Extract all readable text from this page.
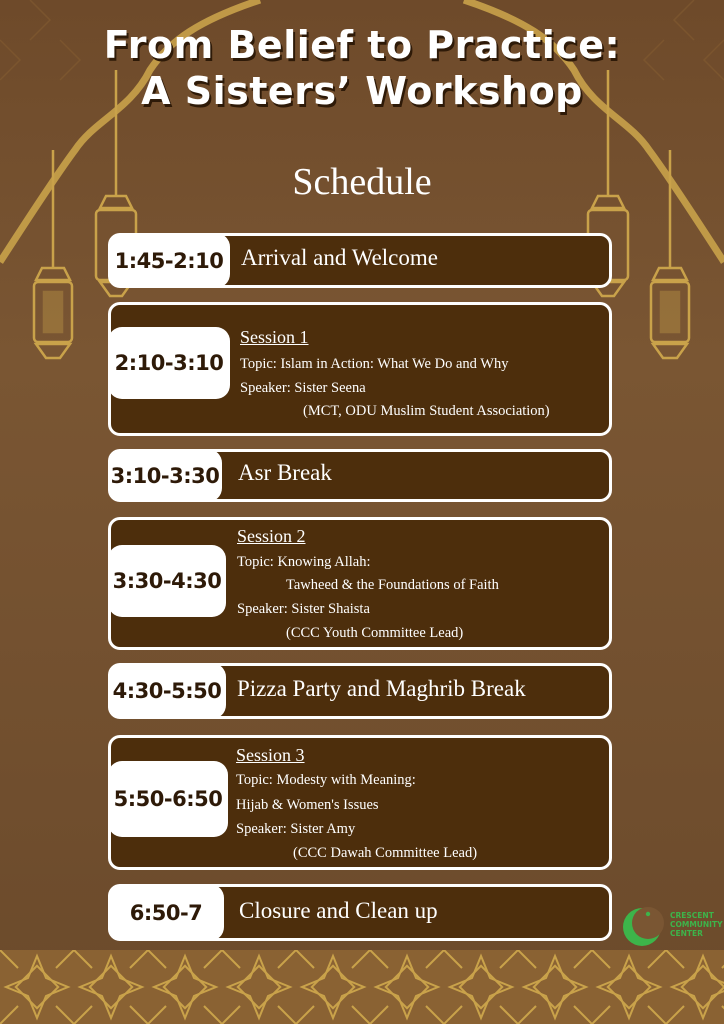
From Belief to Practice:
A Sisters’ Workshop
Schedule
1:45-2:10 Arrival and Welcome
2:10-3:10
Session 1
Topic: Islam in Action: What We Do and Why
Speaker: Sister Seena
(MCT, ODU Muslim Student Association)
3:10-3:30 Asr Break
3:30-4:30
Session 2
Topic: Knowing Allah:
Tawheed & the Foundations of Faith
Speaker: Sister Shaista
(CCC Youth Committee Lead)
4:30-5:50 Pizza Party and Maghrib Break
5:50-6:50
Session 3
Topic: Modesty with Meaning:
Hijab & Women's Issues
Speaker: Sister Amy
(CCC Dawah Committee Lead)
6:50-7	Closure and Clean up	CRESCENT
COMMUNITY
CENTER
